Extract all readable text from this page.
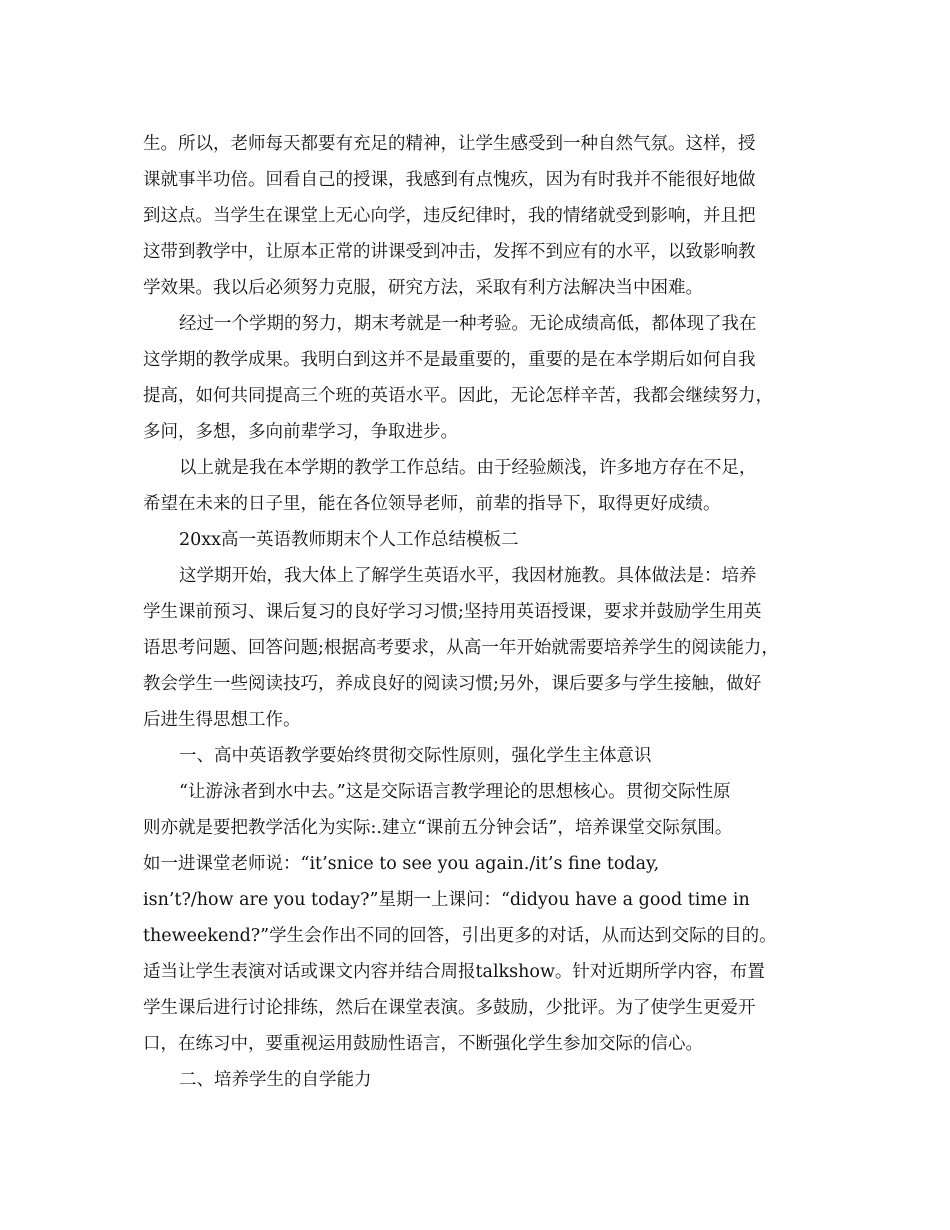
生。所以，老师每天都要有充足的精神，让学生感受到一种自然气氛。这样，授
课就事半功倍。回看自己的授课，我感到有点愧疚，因为有时我并不能很好地做
到这点。当学生在课堂上无心向学，违反纪律时，我的情绪就受到影响，并且把
这带到教学中，让原本正常的讲课受到冲击，发挥不到应有的水平，以致影响教
学效果。我以后必须努力克服，研究方法，采取有利方法解决当中困难。
经过一个学期的努力，期末考就是一种考验。无论成绩高低，都体现了我在
这学期的教学成果。我明白到这并不是最重要的，重要的是在本学期后如何自我
提高，如何共同提高三个班的英语水平。因此，无论怎样辛苦，我都会继续努力，
多问，多想，多向前辈学习，争取进步。
以上就是我在本学期的教学工作总结。由于经验颇浅，许多地方存在不足，
希望在未来的日子里，能在各位领导老师，前辈的指导下，取得更好成绩。
20xx高一英语教师期末个人工作总结模板二
这学期开始，我大体上了解学生英语水平，我因材施教。具体做法是：培养
学生课前预习、课后复习的良好学习习惯;坚持用英语授课，要求并鼓励学生用英
语思考问题、回答问题;根据高考要求，从高一年开始就需要培养学生的阅读能力，
教会学生一些阅读技巧，养成良好的阅读习惯;另外，课后要多与学生接触，做好
后进生得思想工作。
一、高中英语教学要始终贯彻交际性原则，强化学生主体意识
“让游泳者到水中去。”这是交际语言教学理论的思想核心。贯彻交际性原
则亦就是要把教学活化为实际:.建立“课前五分钟会话”，培养课堂交际氛围。
如一进课堂老师说：“it’snice to see you again./it’s fine today,
isn’t?/how are you today?”星期一上课问：“didyou have a good time in
theweekend?”学生会作出不同的回答，引出更多的对话，从而达到交际的目的。
适当让学生表演对话或课文内容并结合周报talkshow。针对近期所学内容，布置
学生课后进行讨论排练，然后在课堂表演。多鼓励，少批评。为了使学生更爱开
口，在练习中，要重视运用鼓励性语言，不断强化学生参加交际的信心。
二、培养学生的自学能力
